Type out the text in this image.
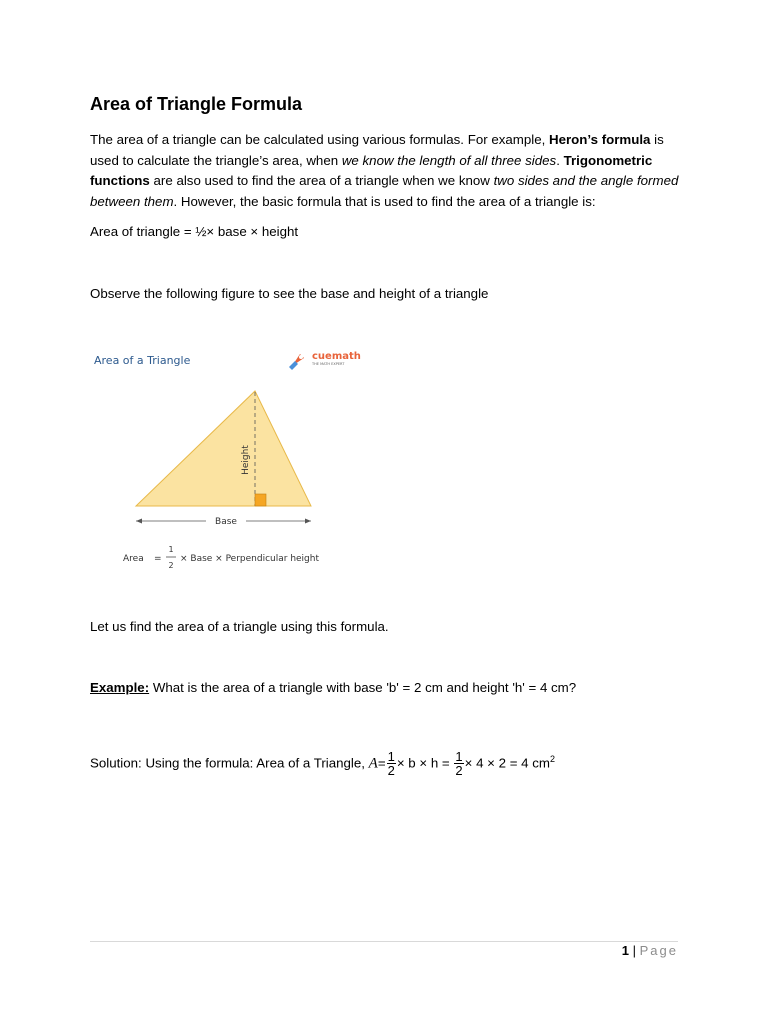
Area of Triangle Formula

The area of a triangle can be calculated using various formulas. For example, Heron’s formula is used to calculate the triangle’s area, when we know the length of all three sides. Trigonometric functions are also used to find the area of a triangle when we know two sides and the angle formed between them. However, the basic formula that is used to find the area of a triangle is:

Area of triangle = ½× base × height

Observe the following figure to see the base and height of a triangle

Area of a Triangle	cuemath
THE MATH EXPERT
Height
Base
Area =
1
2
× Base × Perpendicular height

Let us find the area of a triangle using this formula.

Example: What is the area of a triangle with base 'b' = 2 cm and height 'h' = 4 cm?

Solution: Using the formula: Area of a Triangle, $A= \frac{1}{2} \times b \times h = \frac{1}{2} \times 4 \times 2 = 4$ $cm^2$

1 | Page
